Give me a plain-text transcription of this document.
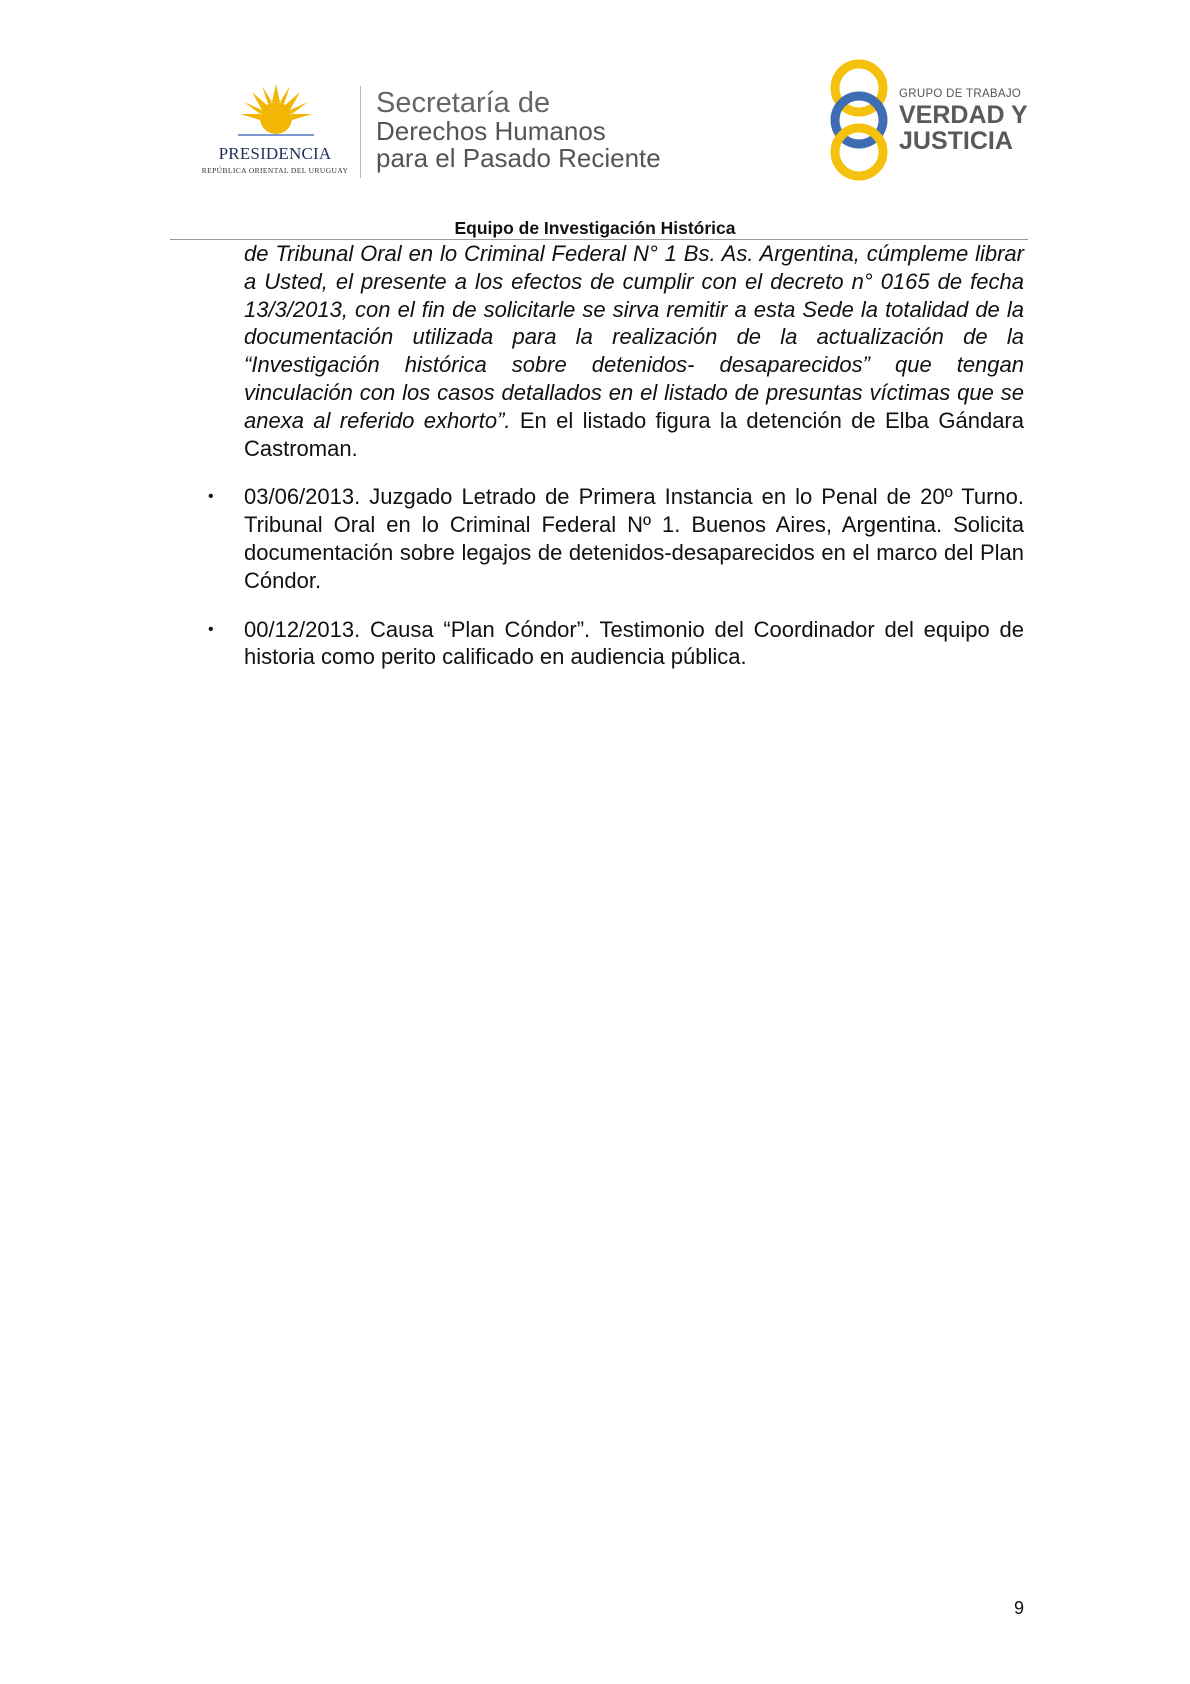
PRESIDENCIA
REPÚBLICA ORIENTAL DEL URUGUAY
Secretaría de
Derechos Humanos
para el Pasado Reciente
GRUPO DE TRABAJO
VERDAD Y
JUSTICIA
Equipo de Investigación Histórica

de Tribunal Oral en lo Criminal Federal N° 1 Bs. As. Argentina, cúmpleme librar a Usted, el presente a los efectos de cumplir con el decreto n° 0165 de fecha 13/3/2013, con el fin de solicitarle se sirva remitir a esta Sede la totalidad de la documentación utilizada para la realización de la actualización de la “Investigación histórica sobre detenidos- desaparecidos” que tengan vinculación con los casos detallados en el listado de presuntas víctimas que se anexa al referido exhorto”. En el listado figura la detención de Elba Gándara Castroman.

• 03/06/2013. Juzgado Letrado de Primera Instancia en lo Penal de 20º Turno. Tribunal Oral en lo Criminal Federal Nº 1. Buenos Aires, Argentina. Solicita documentación sobre legajos de detenidos-desaparecidos en el marco del Plan Cóndor.
• 00/12/2013. Causa “Plan Cóndor”. Testimonio del Coordinador del equipo de historia como perito calificado en audiencia pública.
9
